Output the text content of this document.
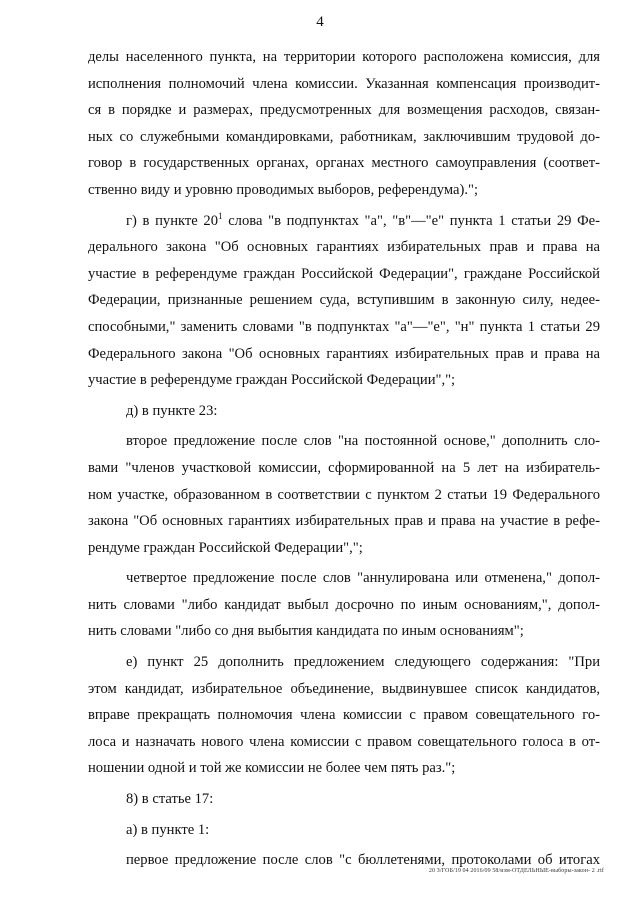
4
делы населенного пункта, на территории которого расположена комиссия, для
исполнения полномочий члена комиссии. Указанная компенсация производит-
ся в порядке и размерах, предусмотренных для возмещения расходов, связан-
ных со служебными командировками, работникам, заключившим трудовой до-
говор в государственных органах, органах местного самоуправления (соответ-
ственно виду и уровню проводимых выборов, референдума).";
г) в пункте $20^1$ слова "в подпунктах "а", "в"—"е" пункта 1 статьи 29 Фе-
дерального закона "Об основных гарантиях избирательных прав и права на
участие в референдуме граждан Российской Федерации", граждане Российской
Федерации, признанные решением суда, вступившим в законную силу, недее-
способными," заменить словами "в подпунктах "а"—"е", "н" пункта 1 статьи 29
Федерального закона "Об основных гарантиях избирательных прав и права на
участие в референдуме граждан Российской Федерации",";
д) в пункте 23:
второе предложение после слов "на постоянной основе," дополнить сло-
вами "членов участковой комиссии, сформированной на 5 лет на избиратель-
ном участке, образованном в соответствии с пунктом 2 статьи 19 Федерального
закона "Об основных гарантиях избирательных прав и права на участие в рефе-
рендуме граждан Российской Федерации",";
четвертое предложение после слов "аннулирована или отменена," допол-
нить словами "либо кандидат выбыл досрочно по иным основаниям,", допол-
нить словами "либо со дня выбытия кандидата по иным основаниям";
е) пункт 25 дополнить предложением следующего содержания: "При
этом кандидат, избирательное объединение, выдвинувшее список кандидатов,
вправе прекращать полномочия члена комиссии с правом совещательного го-
лоса и назначать нового члена комиссии с правом совещательного голоса в от-
ношении одной и той же комиссии не более чем пять раз.";
8) в статье 17:
а) в пункте 1:
первое предложение после слов "с бюллетенями, протоколами об итогах
20 З/ГОБ/19 04 2016/09 58/изм-ОТДЕЛЬНЫЕ-выборы-закон- 2 .rtf
